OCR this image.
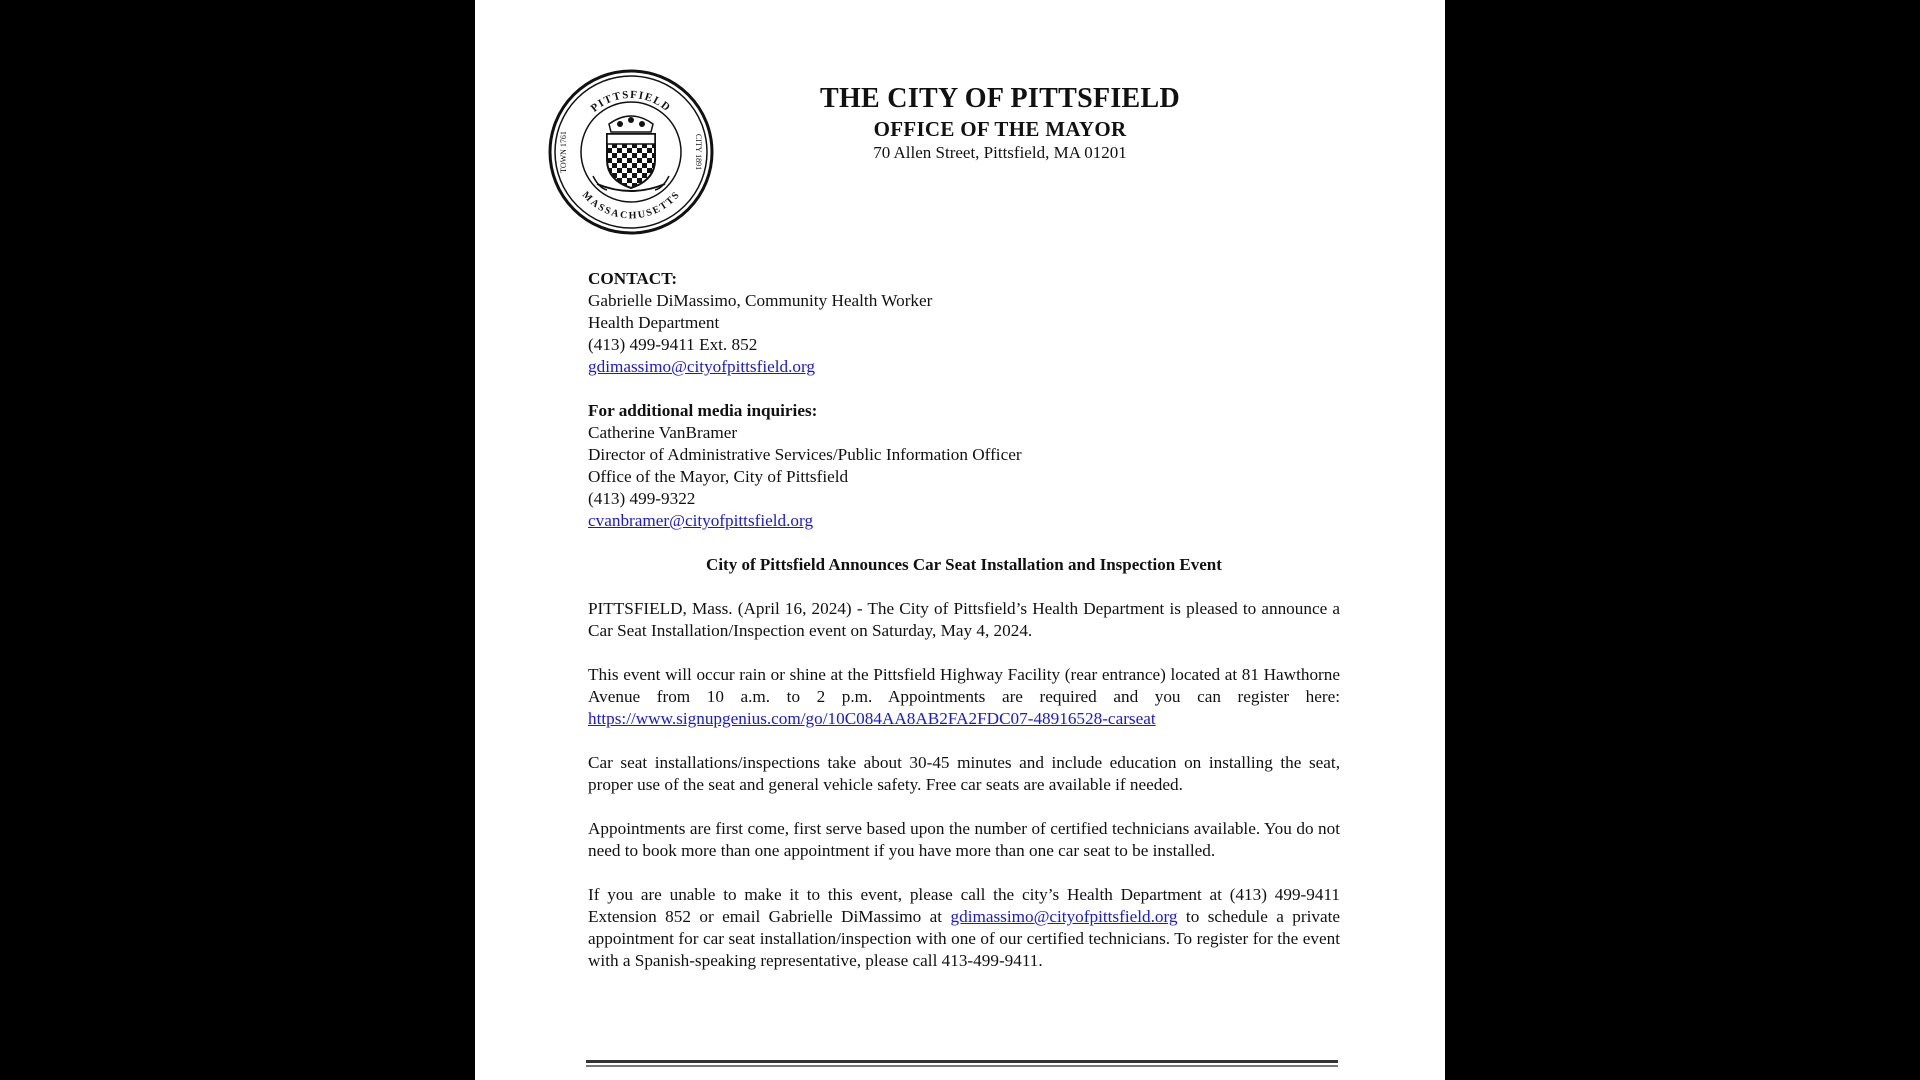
PITTSFIELD
MASSACHUSETTS
TOWN 1761	CITY 1891
THE CITY OF PITTSFIELD
OFFICE OF THE MAYOR
70 Allen Street, Pittsfield, MA 01201
CONTACT:
Gabrielle DiMassimo, Community Health Worker
Health Department
(413) 499-9411 Ext. 852
gdimassimo@cityofpittsfield.org
For additional media inquiries:
Catherine VanBramer
Director of Administrative Services/Public Information Officer
Office of the Mayor, City of Pittsfield
(413) 499-9322
cvanbramer@cityofpittsfield.org
City of Pittsfield Announces Car Seat Installation and Inspection Event

PITTSFIELD, Mass. (April 16, 2024) - The City of Pittsfield’s Health Department is pleased to announce a Car Seat Installation/Inspection event on Saturday, May 4, 2024.

This event will occur rain or shine at the Pittsfield Highway Facility (rear entrance) located at 81 Hawthorne Avenue from 10 a.m. to 2 p.m. Appointments are required and you can register here: https://www.signupgenius.com/go/10C084AA8AB2FA2FDC07-48916528-carseat

Car seat installations/inspections take about 30-45 minutes and include education on installing the seat, proper use of the seat and general vehicle safety. Free car seats are available if needed.

Appointments are first come, first serve based upon the number of certified technicians available. You do not need to book more than one appointment if you have more than one car seat to be installed.

If you are unable to make it to this event, please call the city’s Health Department at (413) 499-9411 Extension 852 or email Gabrielle DiMassimo at gdimassimo@cityofpittsfield.org to schedule a private appointment for car seat installation/inspection with one of our certified technicians. To register for the event with a Spanish-speaking representative, please call 413-499-9411.
